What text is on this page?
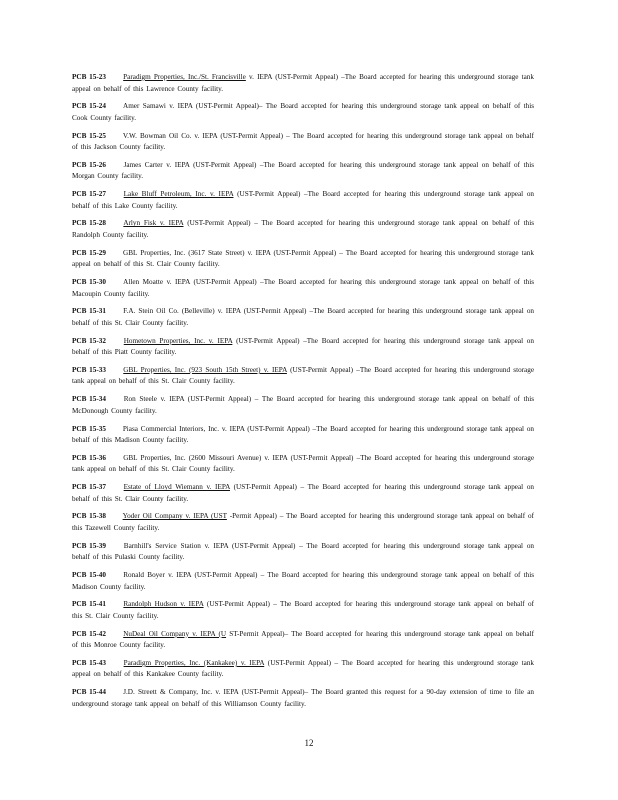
PCB 15-23 Paradigm Properties, Inc./St. Francisville v. IEPA (UST-Permit Appeal) –The Board accepted for hearing this underground storage tank appeal on behalf of this Lawrence County facility.

PCB 15-24 Amer Samawi v. IEPA (UST-Permit Appeal)– The Board accepted for hearing this underground storage tank appeal on behalf of this Cook County facility.

PCB 15-25 V.W. Bowman Oil Co. v. IEPA (UST-Permit Appeal) – The Board accepted for hearing this underground storage tank appeal on behalf of this Jackson County facility.

PCB 15-26 James Carter v. IEPA (UST-Permit Appeal) –The Board accepted for hearing this underground storage tank appeal on behalf of this Morgan County facility.

PCB 15-27 Lake Bluff Petroleum, Inc. v. IEPA (UST-Permit Appeal) –The Board accepted for hearing this underground storage tank appeal on behalf of this Lake County facility.

PCB 15-28 Arlyn Fisk v. IEPA (UST-Permit Appeal) – The Board accepted for hearing this underground storage tank appeal on behalf of this Randolph County facility.

PCB 15-29 GBL Properties, Inc. (3617 State Street) v. IEPA (UST-Permit Appeal) – The Board accepted for hearing this underground storage tank appeal on behalf of this St. Clair County facility.

PCB 15-30 Allen Moatte v. IEPA (UST-Permit Appeal) –The Board accepted for hearing this underground storage tank appeal on behalf of this Macoupin County facility.

PCB 15-31 F.A. Stein Oil Co. (Belleville) v. IEPA (UST-Permit Appeal) –The Board accepted for hearing this underground storage tank appeal on behalf of this St. Clair County facility.

PCB 15-32 Hometown Properties, Inc. v. IEPA (UST-Permit Appeal) –The Board accepted for hearing this underground storage tank appeal on behalf of this Piatt County facility.

PCB 15-33 GBL Properties, Inc. (923 South 15th Street) v. IEPA (UST-Permit Appeal) –The Board accepted for hearing this underground storage tank appeal on behalf of this St. Clair County facility.

PCB 15-34 Ron Steele v. IEPA (UST-Permit Appeal) – The Board accepted for hearing this underground storage tank appeal on behalf of this McDonough County facility.

PCB 15-35 Piasa Commercial Interiors, Inc. v. IEPA (UST-Permit Appeal) –The Board accepted for hearing this underground storage tank appeal on behalf of this Madison County facility.

PCB 15-36 GBL Properties, Inc. (2600 Missouri Avenue) v. IEPA (UST-Permit Appeal) –The Board accepted for hearing this underground storage tank appeal on behalf of this St. Clair County facility.

PCB 15-37 Estate of Lloyd Wiemann v. IEPA (UST-Permit Appeal) – The Board accepted for hearing this underground storage tank appeal on behalf of this St. Clair County facility.

PCB 15-38 Yoder Oil Company v. IEPA (UST -Permit Appeal) – The Board accepted for hearing this underground storage tank appeal on behalf of this Tazewell County facility.

PCB 15-39 Barnhill's Service Station v. IEPA (UST-Permit Appeal) – The Board accepted for hearing this underground storage tank appeal on behalf of this Pulaski County facility.

PCB 15-40 Ronald Boyer v. IEPA (UST-Permit Appeal) – The Board accepted for hearing this underground storage tank appeal on behalf of this Madison County facility.

PCB 15-41 Randolph Hudson v. IEPA (UST-Permit Appeal) – The Board accepted for hearing this underground storage tank appeal on behalf of this St. Clair County facility.

PCB 15-42 NuDeal Oil Company v. IEPA (U ST-Permit Appeal)– The Board accepted for hearing this underground storage tank appeal on behalf of this Monroe County facility.

PCB 15-43 Paradigm Properties, Inc. (Kankakee) v. IEPA (UST-Permit Appeal) – The Board accepted for hearing this underground storage tank appeal on behalf of this Kankakee County facility.

PCB 15-44 J.D. Streett & Company, Inc. v. IEPA (UST-Permit Appeal)– The Board granted this request for a 90-day extension of time to file an underground storage tank appeal on behalf of this Williamson County facility.

12
